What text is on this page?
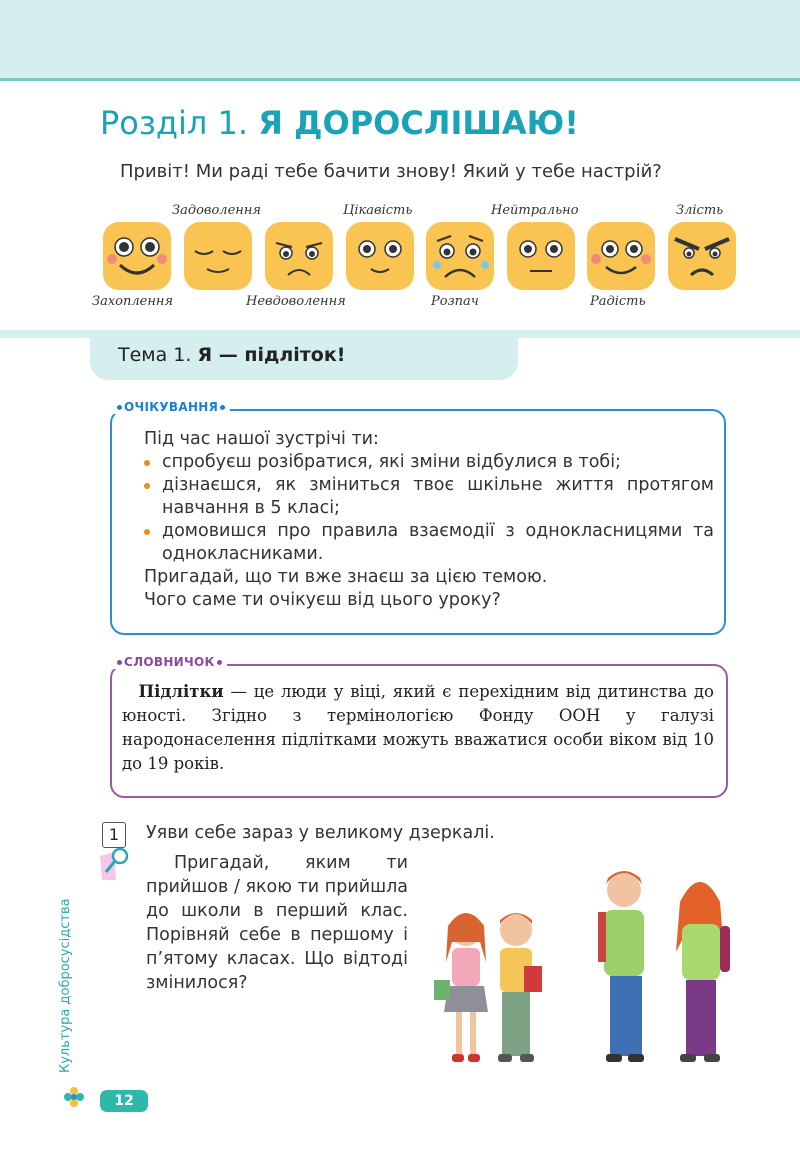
Розділ 1. Я ДОРОСЛІШАЮ!
Привіт! Ми раді тебе бачити знову! Який у тебе настрій?
Задоволення	Цікавість	Нейтрально	Злість
Захоплення	Невдоволення	Розпач	Радість
Тема 1. Я — підліток!
ОЧІКУВАННЯ
Під час нашої зустрічі ти:
спробуєш розібратися, які зміни відбулися в тобі;
дізнаєшся, як зміниться твоє шкільне життя протягом навчання в 5 класі;
домовишся про правила взаємодії з однокласницями та однокласниками.
Пригадай, що ти вже знаєш за цією темою.
Чого саме ти очікуєш від цього уроку?
СЛОВНИЧОК
 Підлітки — це люди у віці, який є перехідним від дитинства до юності. Згідно з термінологією Фонду ООН у галузі народонаселення підлітками можуть вважатися особи віком від 10 до 19 років.
1	Уяви себе зараз у великому дзеркалі.
Пригадай, яким ти прийшов / якою ти прийшла до школи в перший клас. Порівняй себе в першому і п’ятому класах. Що відтоді змінилося?
Культура добросусідства
12
